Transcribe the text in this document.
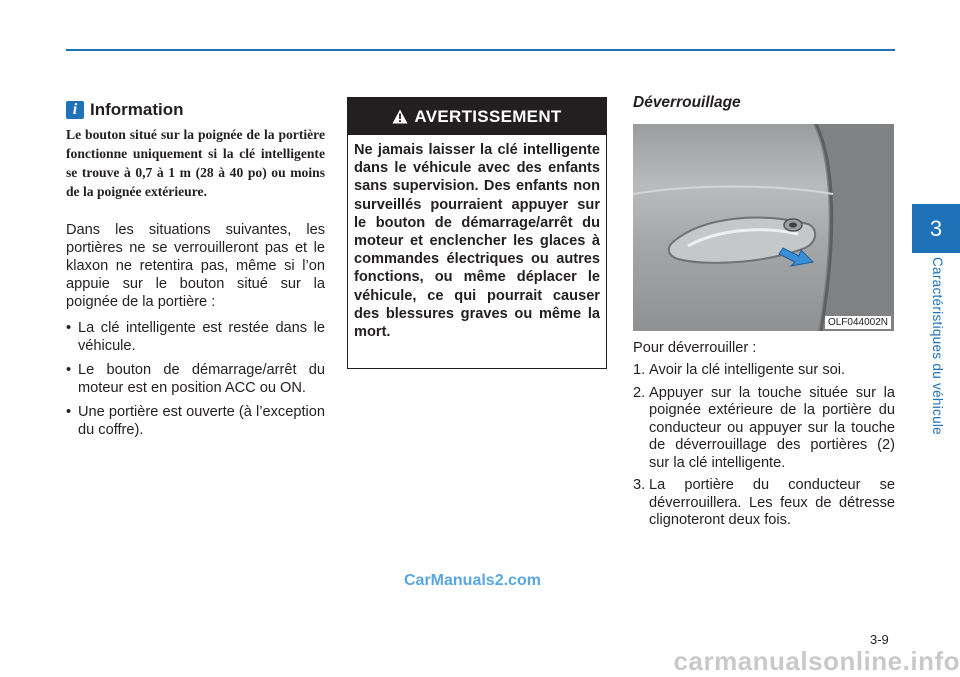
i Information
Le bouton situé sur la poignée de la portière fonctionne uniquement si la clé intelligente se trouve à 0,7 à 1 m (28 à 40 po) ou moins de la poignée extérieure.

Dans les situations suivantes, les portières ne se verrouilleront pas et le klaxon ne retentira pas, même si l’on appuie sur le bouton situé sur la poignée de la portière :

• La clé intelligente est restée dans le véhicule.
• Le bouton de démarrage/arrêt du moteur est en position ACC ou ON.
• Une portière est ouverte (à l’exception du coffre).
AVERTISSEMENT
Ne jamais laisser la clé intelligente dans le véhicule avec des enfants sans supervision. Des enfants non surveillés pourraient appuyer sur le bouton de démarrage/arrêt du moteur et enclencher les glaces à commandes électriques ou autres fonctions, ou même déplacer le véhicule, ce qui pourrait causer des blessures graves ou même la mort.
Déverrouillage
OLF044002N
Pour déverrouiller :
1. Avoir la clé intelligente sur soi.
2. Appuyer sur la touche située sur la poignée extérieure de la portière du conducteur ou appuyer sur la touche de déverrouillage des portières (2) sur la clé intelligente.
3. La portière du conducteur se déverrouillera. Les feux de détresse clignoteront deux fois.
3
Caractéristiques du véhicule
CarManuals2.com
3-9
carmanualsonline.info
